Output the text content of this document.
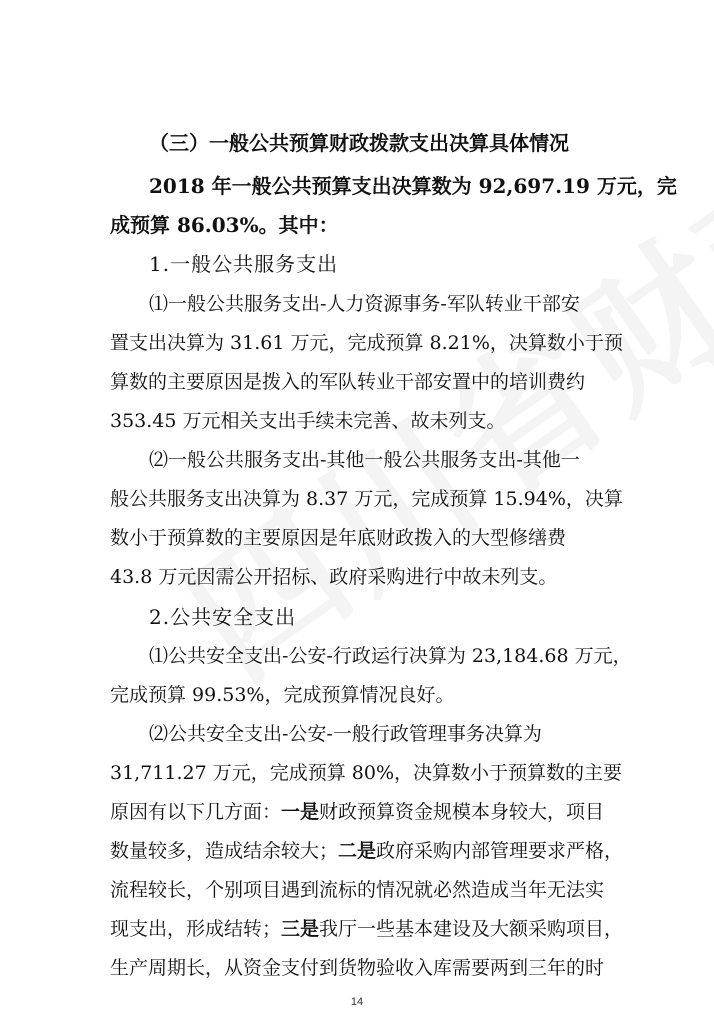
（三）一般公共预算财政拨款支出决算具体情况
2018 年一般公共预算支出决算数为 92,697.19 万元，完
成预算 86.03%。其中：
1.一般公共服务支出
⑴一般公共服务支出-人力资源事务-军队转业干部安
置支出决算为 31.61 万元，完成预算 8.21%，决算数小于预
算数的主要原因是拨入的军队转业干部安置中的培训费约
353.45 万元相关支出手续未完善、故未列支。
⑵一般公共服务支出-其他一般公共服务支出-其他一
般公共服务支出决算为 8.37 万元，完成预算 15.94%，决算
数小于预算数的主要原因是年底财政拨入的大型修缮费
43.8 万元因需公开招标、政府采购进行中故未列支。
2.公共安全支出
⑴公共安全支出-公安-行政运行决算为 23,184.68 万元，
完成预算 99.53%，完成预算情况良好。
⑵公共安全支出-公安-一般行政管理事务决算为
31,711.27 万元，完成预算 80%，决算数小于预算数的主要
原因有以下几方面：一是财政预算资金规模本身较大，项目
数量较多，造成结余较大；二是政府采购内部管理要求严格，
流程较长，个别项目遇到流标的情况就必然造成当年无法实
现支出，形成结转；三是我厅一些基本建设及大额采购项目，
生产周期长，从资金支付到货物验收入库需要两到三年的时
14
